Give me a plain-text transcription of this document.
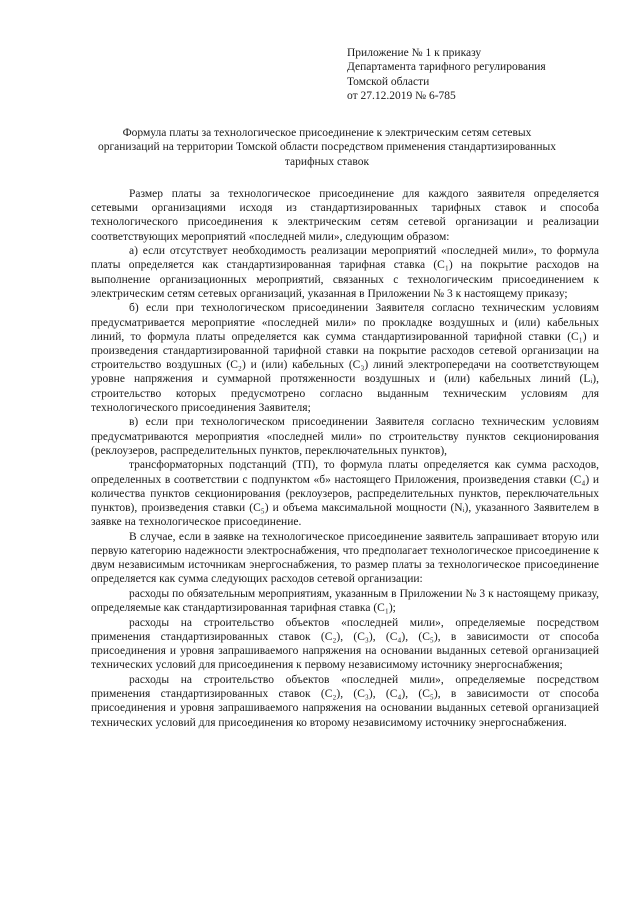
Приложение № 1 к приказу
Департамента тарифного регулирования
Томской области
от 27.12.2019 № 6-785
Формула платы за технологическое присоединение к электрическим сетям сетевых организаций на территории Томской области посредством применения стандартизированных тарифных ставок

Размер платы за технологическое присоединение для каждого заявителя определяется сетевыми организациями исходя из стандартизированных тарифных ставок и способа технологического присоединения к электрическим сетям сетевой организации и реализации соответствующих мероприятий «последней мили», следующим образом:

а) если отсутствует необходимость реализации мероприятий «последней мили», то формула платы определяется как стандартизированная тарифная ставка (C₁) на покрытие расходов на выполнение организационных мероприятий, связанных с технологическим присоединением к электрическим сетям сетевых организаций, указанная в Приложении № 3 к настоящему приказу;

б) если при технологическом присоединении Заявителя согласно техническим условиям предусматривается мероприятие «последней мили» по прокладке воздушных и (или) кабельных линий, то формула платы определяется как сумма стандартизированной тарифной ставки (C₁) и произведения стандартизированной тарифной ставки на покрытие расходов сетевой организации на строительство воздушных (C₂) и (или) кабельных (C₃) линий электропередачи на соответствующем уровне напряжения и суммарной протяженности воздушных и (или) кабельных линий (Lᵢ), строительство которых предусмотрено согласно выданным техническим условиям для технологического присоединения Заявителя;

в) если при технологическом присоединении Заявителя согласно техническим условиям предусматриваются мероприятия «последней мили» по строительству пунктов секционирования (реклоузеров, распределительных пунктов, переключательных пунктов),

трансформаторных подстанций (ТП), то формула платы определяется как сумма расходов, определенных в соответствии с подпунктом «б» настоящего Приложения, произведения ставки (C₄) и количества пунктов секционирования (реклоузеров, распределительных пунктов, переключательных пунктов), произведения ставки (C₅) и объема максимальной мощности (Nᵢ), указанного Заявителем в заявке на технологическое присоединение.

В случае, если в заявке на технологическое присоединение заявитель запрашивает вторую или первую категорию надежности электроснабжения, что предполагает технологическое присоединение к двум независимым источникам энергоснабжения, то размер платы за технологическое присоединение определяется как сумма следующих расходов сетевой организации:

расходы по обязательным мероприятиям, указанным в Приложении № 3 к настоящему приказу, определяемые как стандартизированная тарифная ставка (C₁);

расходы на строительство объектов «последней мили», определяемые посредством применения стандартизированных ставок (C₂), (C₃), (C₄), (C₅), в зависимости от способа присоединения и уровня запрашиваемого напряжения на основании выданных сетевой организацией технических условий для присоединения к первому независимому источнику энергоснабжения;

расходы на строительство объектов «последней мили», определяемые посредством применения стандартизированных ставок (C₂), (C₃), (C₄), (C₅), в зависимости от способа присоединения и уровня запрашиваемого напряжения на основании выданных сетевой организацией технических условий для присоединения ко второму независимому источнику энергоснабжения.
